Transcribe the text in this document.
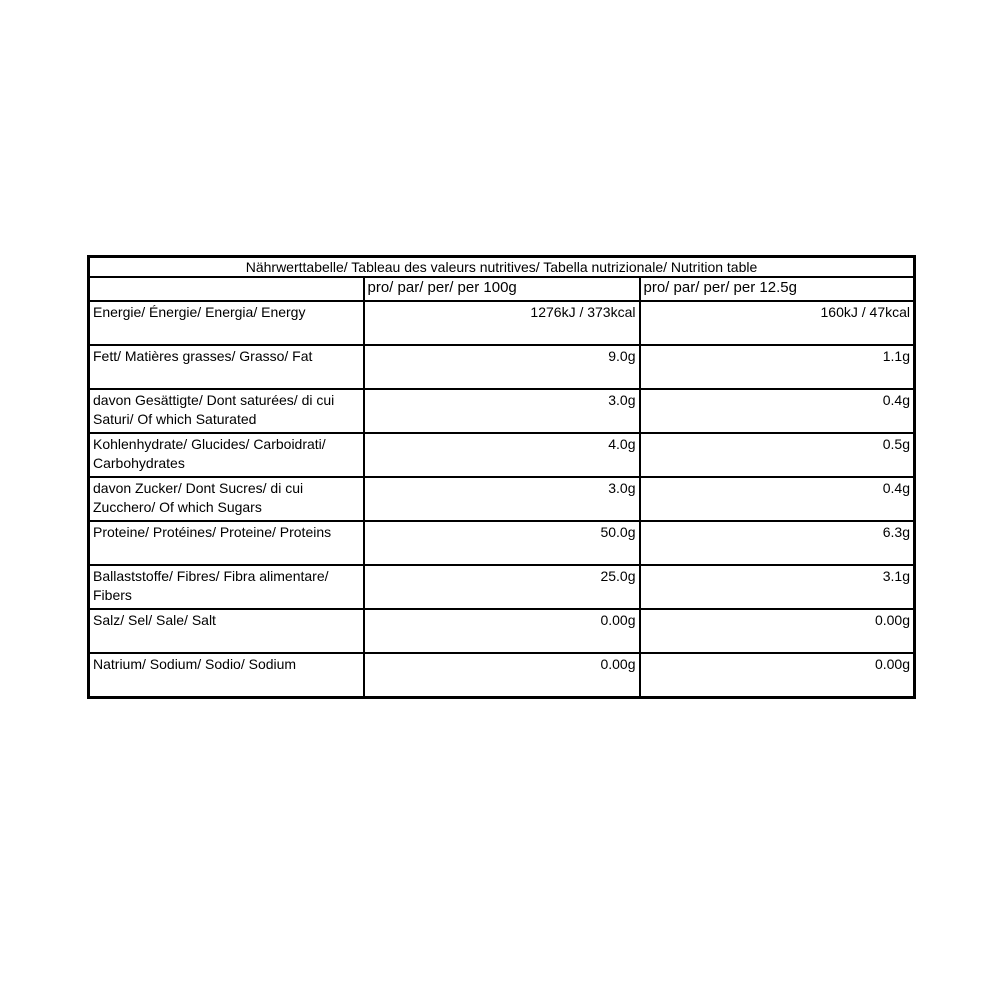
Nährwerttabelle/ Tableau des valeurs nutritives/ Tabella nutrizionale/ Nutrition table		
	pro/ par/ per/ per 100g	pro/ par/ per/ per 12.5g
Energie/ Énergie/ Energia/ Energy	1276kJ / 373kcal	160kJ / 47kcal
Fett/ Matières grasses/ Grasso/ Fat	9.0g	1.1g
davon Gesättigte/ Dont saturées/ di cui Saturi/ Of which Saturated	3.0g	0.4g
Kohlenhydrate/ Glucides/ Carboidrati/ Carbohydrates	4.0g	0.5g
davon Zucker/ Dont Sucres/ di cui Zucchero/ Of which Sugars	3.0g	0.4g
Proteine/ Protéines/ Proteine/ Proteins	50.0g	6.3g
Ballaststoffe/ Fibres/ Fibra alimentare/ Fibers	25.0g	3.1g
Salz/ Sel/ Sale/ Salt	0.00g	0.00g
Natrium/ Sodium/ Sodio/ Sodium	0.00g	0.00g
